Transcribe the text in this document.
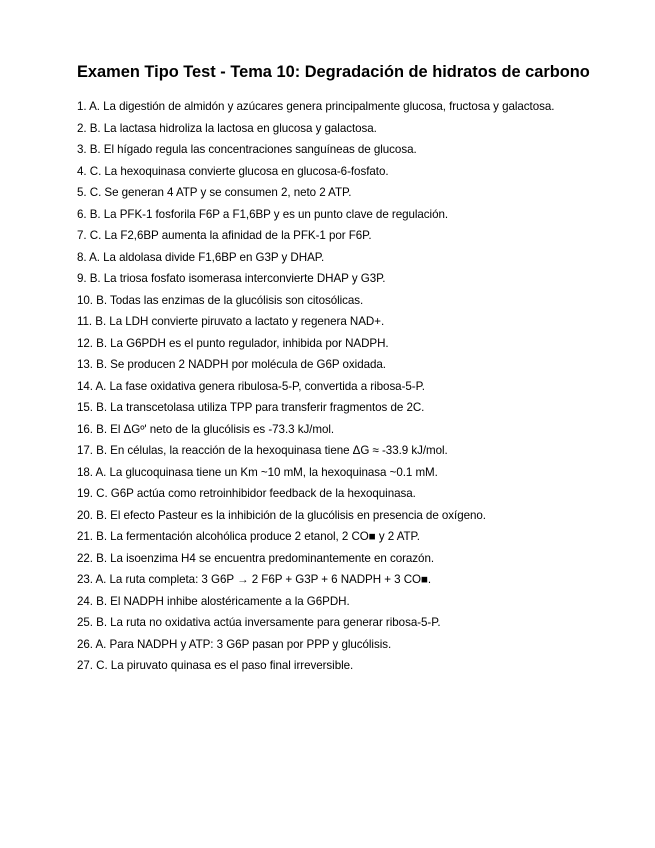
Examen Tipo Test - Tema 10: Degradación de hidratos de carbono
1. A. La digestión de almidón y azúcares genera principalmente glucosa, fructosa y galactosa.
2. B. La lactasa hidroliza la lactosa en glucosa y galactosa.
3. B. El hígado regula las concentraciones sanguíneas de glucosa.
4. C. La hexoquinasa convierte glucosa en glucosa-6-fosfato.
5. C. Se generan 4 ATP y se consumen 2, neto 2 ATP.
6. B. La PFK-1 fosforila F6P a F1,6BP y es un punto clave de regulación.
7. C. La F2,6BP aumenta la afinidad de la PFK-1 por F6P.
8. A. La aldolasa divide F1,6BP en G3P y DHAP.
9. B. La triosa fosfato isomerasa interconvierte DHAP y G3P.
10. B. Todas las enzimas de la glucólisis son citosólicas.
11. B. La LDH convierte piruvato a lactato y regenera NAD+.
12. B. La G6PDH es el punto regulador, inhibida por NADPH.
13. B. Se producen 2 NADPH por molécula de G6P oxidada.
14. A. La fase oxidativa genera ribulosa-5-P, convertida a ribosa-5-P.
15. B. La transcetolasa utiliza TPP para transferir fragmentos de 2C.
16. B. El ΔGº' neto de la glucólisis es -73.3 kJ/mol.
17. B. En células, la reacción de la hexoquinasa tiene ΔG ≈ -33.9 kJ/mol.
18. A. La glucoquinasa tiene un Km ~10 mM, la hexoquinasa ~0.1 mM.
19. C. G6P actúa como retroinhibidor feedback de la hexoquinasa.
20. B. El efecto Pasteur es la inhibición de la glucólisis en presencia de oxígeno.
21. B. La fermentación alcohólica produce 2 etanol, 2 CO■ y 2 ATP.
22. B. La isoenzima H4 se encuentra predominantemente en corazón.
23. A. La ruta completa: 3 G6P → 2 F6P + G3P + 6 NADPH + 3 CO■.
24. B. El NADPH inhibe alostéricamente a la G6PDH.
25. B. La ruta no oxidativa actúa inversamente para generar ribosa-5-P.
26. A. Para NADPH y ATP: 3 G6P pasan por PPP y glucólisis.
27. C. La piruvato quinasa es el paso final irreversible.
